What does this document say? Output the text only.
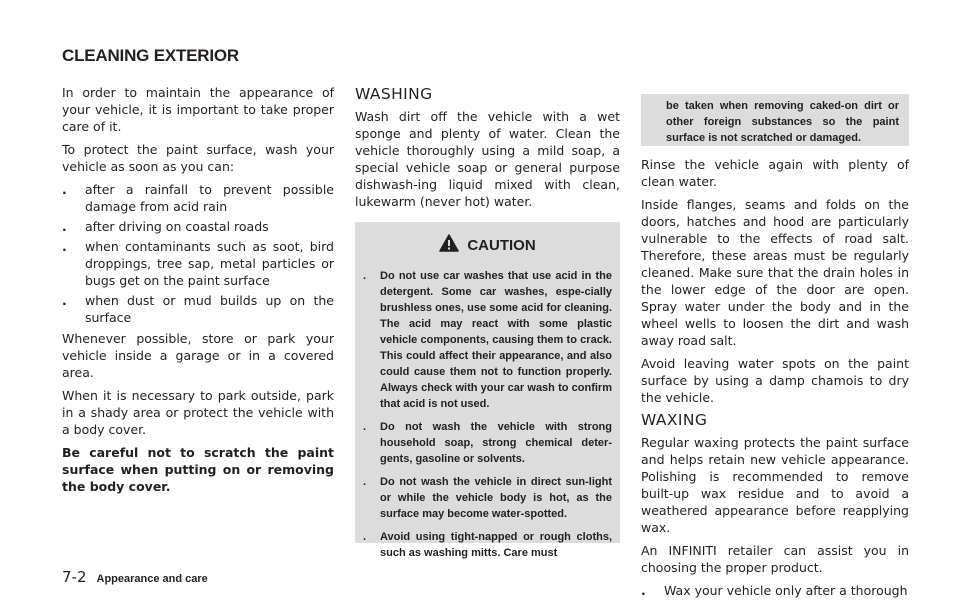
CLEANING EXTERIOR

In order to maintain the appearance of your vehicle, it is important to take proper care of it.

To protect the paint surface, wash your vehicle as soon as you can:

. after a rainfall to prevent possible damage from acid rain
. after driving on coastal roads
. when contaminants such as soot, bird droppings, tree sap, metal particles or bugs get on the paint surface
. when dust or mud builds up on the surface

Whenever possible, store or park your vehicle inside a garage or in a covered area.

When it is necessary to park outside, park in a shady area or protect the vehicle with a body cover.

Be careful not to scratch the paint surface when putting on or removing the body cover.

WASHING

Wash dirt off the vehicle with a wet sponge and plenty of water. Clean the vehicle thoroughly using a mild soap, a special vehicle soap or general purpose dishwash-ing liquid mixed with clean, lukewarm (never hot) water.

CAUTION
. Do not use car washes that use acid in the detergent. Some car washes, espe-cially brushless ones, use some acid for cleaning. The acid may react with some plastic vehicle components, causing them to crack. This could affect their appearance, and also could cause them not to function properly. Always check with your car wash to confirm that acid is not used.
. Do not wash the vehicle with strong household soap, strong chemical deter-gents, gasoline or solvents.
. Do not wash the vehicle in direct sun-light or while the vehicle body is hot, as the surface may become water-spotted.
. Avoid using tight-napped or rough cloths, such as washing mitts. Care must
be taken when removing caked-on dirt or other foreign substances so the paint surface is not scratched or damaged.

Rinse the vehicle again with plenty of clean water.

Inside flanges, seams and folds on the doors, hatches and hood are particularly vulnerable to the effects of road salt. Therefore, these areas must be regularly cleaned. Make sure that the drain holes in the lower edge of the door are open. Spray water under the body and in the wheel wells to loosen the dirt and wash away road salt.

Avoid leaving water spots on the paint surface by using a damp chamois to dry the vehicle.

WAXING

Regular waxing protects the paint surface and helps retain new vehicle appearance. Polishing is recommended to remove built-up wax residue and to avoid a weathered appearance before reapplying wax.

An INFINITI retailer can assist you in choosing the proper product.

. Wax your vehicle only after a thorough
7-2 Appearance and care
